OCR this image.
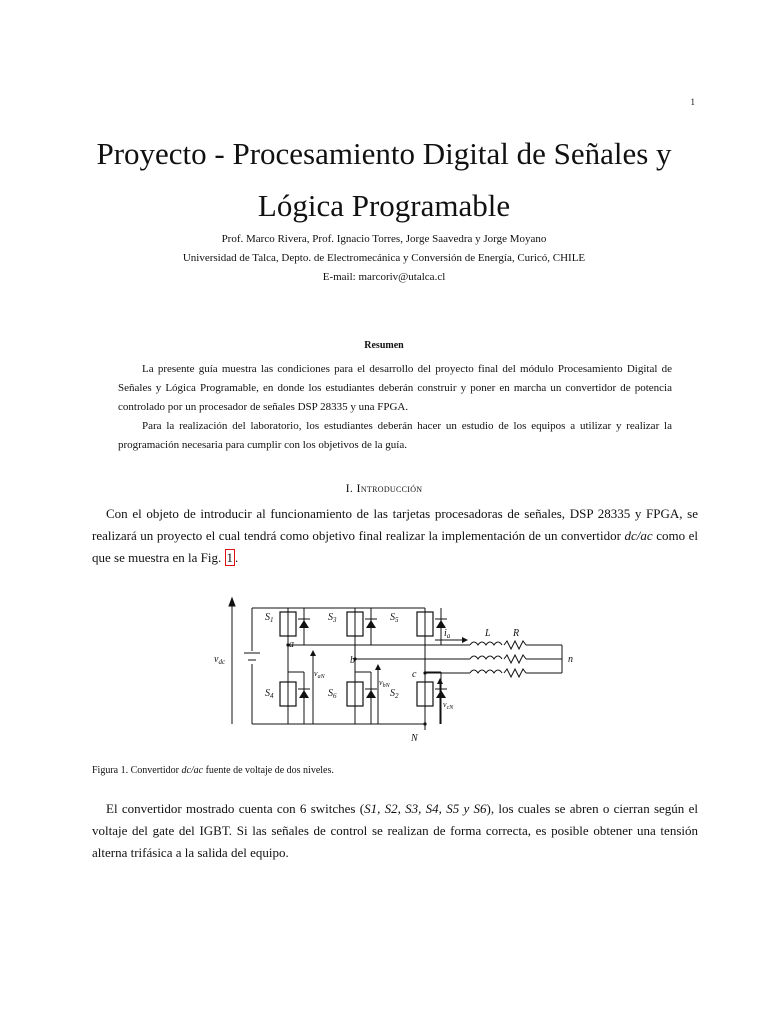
1
Proyecto - Procesamiento Digital de Señales y
Lógica Programable
Prof. Marco Rivera, Prof. Ignacio Torres, Jorge Saavedra y Jorge Moyano
Universidad de Talca, Depto. de Electromecánica y Conversión de Energía, Curicó, CHILE
E-mail: marcoriv@utalca.cl
Resumen

La presente guía muestra las condiciones para el desarrollo del proyecto final del módulo Procesamiento Digital de Señales y Lógica Programable, en donde los estudiantes deberán construir y poner en marcha un convertidor de potencia controlado por un procesador de señales DSP 28335 y una FPGA.

Para la realización del laboratorio, los estudiantes deberán hacer un estudio de los equipos a utilizar y realizar la programación necesaria para cumplir con los objetivos de la guía.

I. Introducción

Con el objeto de introducir al funcionamiento de las tarjetas procesadoras de señales, DSP 28335 y FPGA, se realizará un proyecto el cual tendrá como objetivo final realizar la implementación de un convertidor dc/ac como el que se muestra en la Fig. 1 .

$v_{dc}$
$S_1$	$S_3$	$S_5$
$S_4$	$S_6$	$S_2$
a
b
c
$i_a$	L R
n
N
$v_{aN}$
$v_{bN}$
$v_{cN}$
Figura 1. Convertidor dc/ac fuente de voltaje de dos niveles.

El convertidor mostrado cuenta con 6 switches (S1, S2, S3, S4, S5 y S6), los cuales se abren o cierran según el voltaje del gate del IGBT. Si las señales de control se realizan de forma correcta, es posible obtener una tensión alterna trifásica a la salida del equipo.
